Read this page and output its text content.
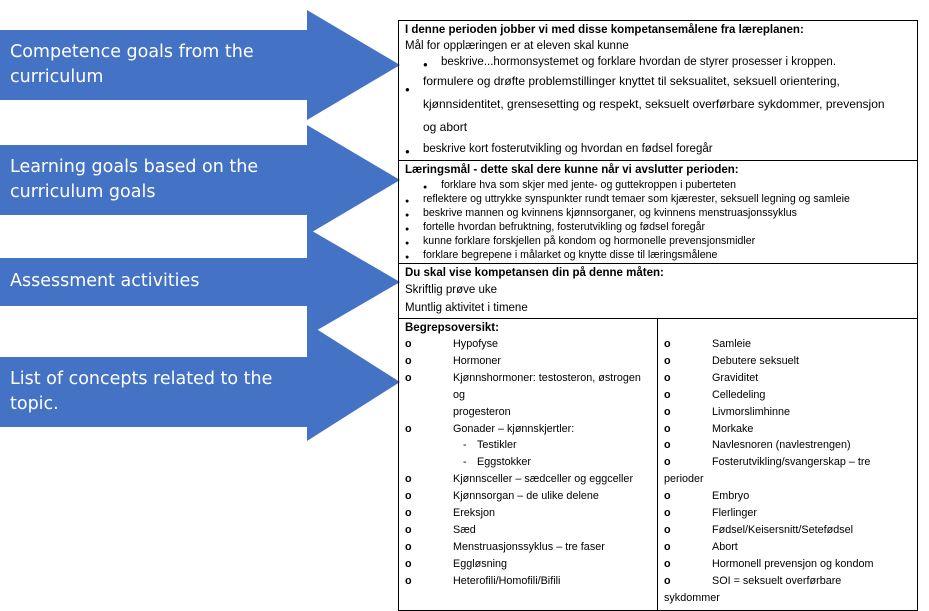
Competence goals from the curriculum
Learning goals based on the curriculum goals
Assessment activities
List of concepts related to the topic.
I denne perioden jobber vi med disse kompetansemålene fra læreplanen:
Mål for opplæringen er at eleven skal kunne
● beskrive...hormonsystemet og forklare hvordan de styrer prosesser i kroppen.
● formulere og drøfte problemstillinger knyttet til seksualitet, seksuell orientering,
kjønnsidentitet, grensesetting og respekt, seksuelt overførbare sykdommer, prevensjon
og abort
● beskrive kort fosterutvikling og hvordan en fødsel foregår
Læringsmål - dette skal dere kunne når vi avslutter perioden:
● forklare hva som skjer med jente- og guttekroppen i puberteten
● reflektere og uttrykke synspunkter rundt temaer som kjærester, seksuell legning og samleie
● beskrive mannen og kvinnens kjønnsorganer, og kvinnens menstruasjonssyklus
● fortelle hvordan befruktning, fosterutvikling og fødsel foregår
● kunne forklare forskjellen på kondom og hormonelle prevensjonsmidler
● forklare begrepene i målarket og knytte disse til læringsmålene
Du skal vise kompetansen din på denne måten:
Skriftlig prøve uke
Muntlig aktivitet i timene
Begrepsoversikt:
o Hypofyse
o Hormoner
o Kjønnshormoner: testosteron, østrogen og
progesteron
o Gonader – kjønnskjertler:
- Testikler
- Eggstokker
o Kjønnsceller – sædceller og eggceller
o Kjønnsorgan – de ulike delene
o Ereksjon
o Sæd
o Menstruasjonssyklus – tre faser
o Eggløsning
o Heterofili/Homofili/Bifili
o Samleie
o Debutere seksuelt
o Graviditet
o Celledeling
o Livmorslimhinne
o Morkake
o Navlesnoren (navlestrengen)
o Fosterutvikling/svangerskap – tre
perioder
o Embryo
o Flerlinger
o Fødsel/Keisersnitt/Setefødsel
o Abort
o Hormonell prevensjon og kondom
o SOI = seksuelt overførbare
sykdommer
